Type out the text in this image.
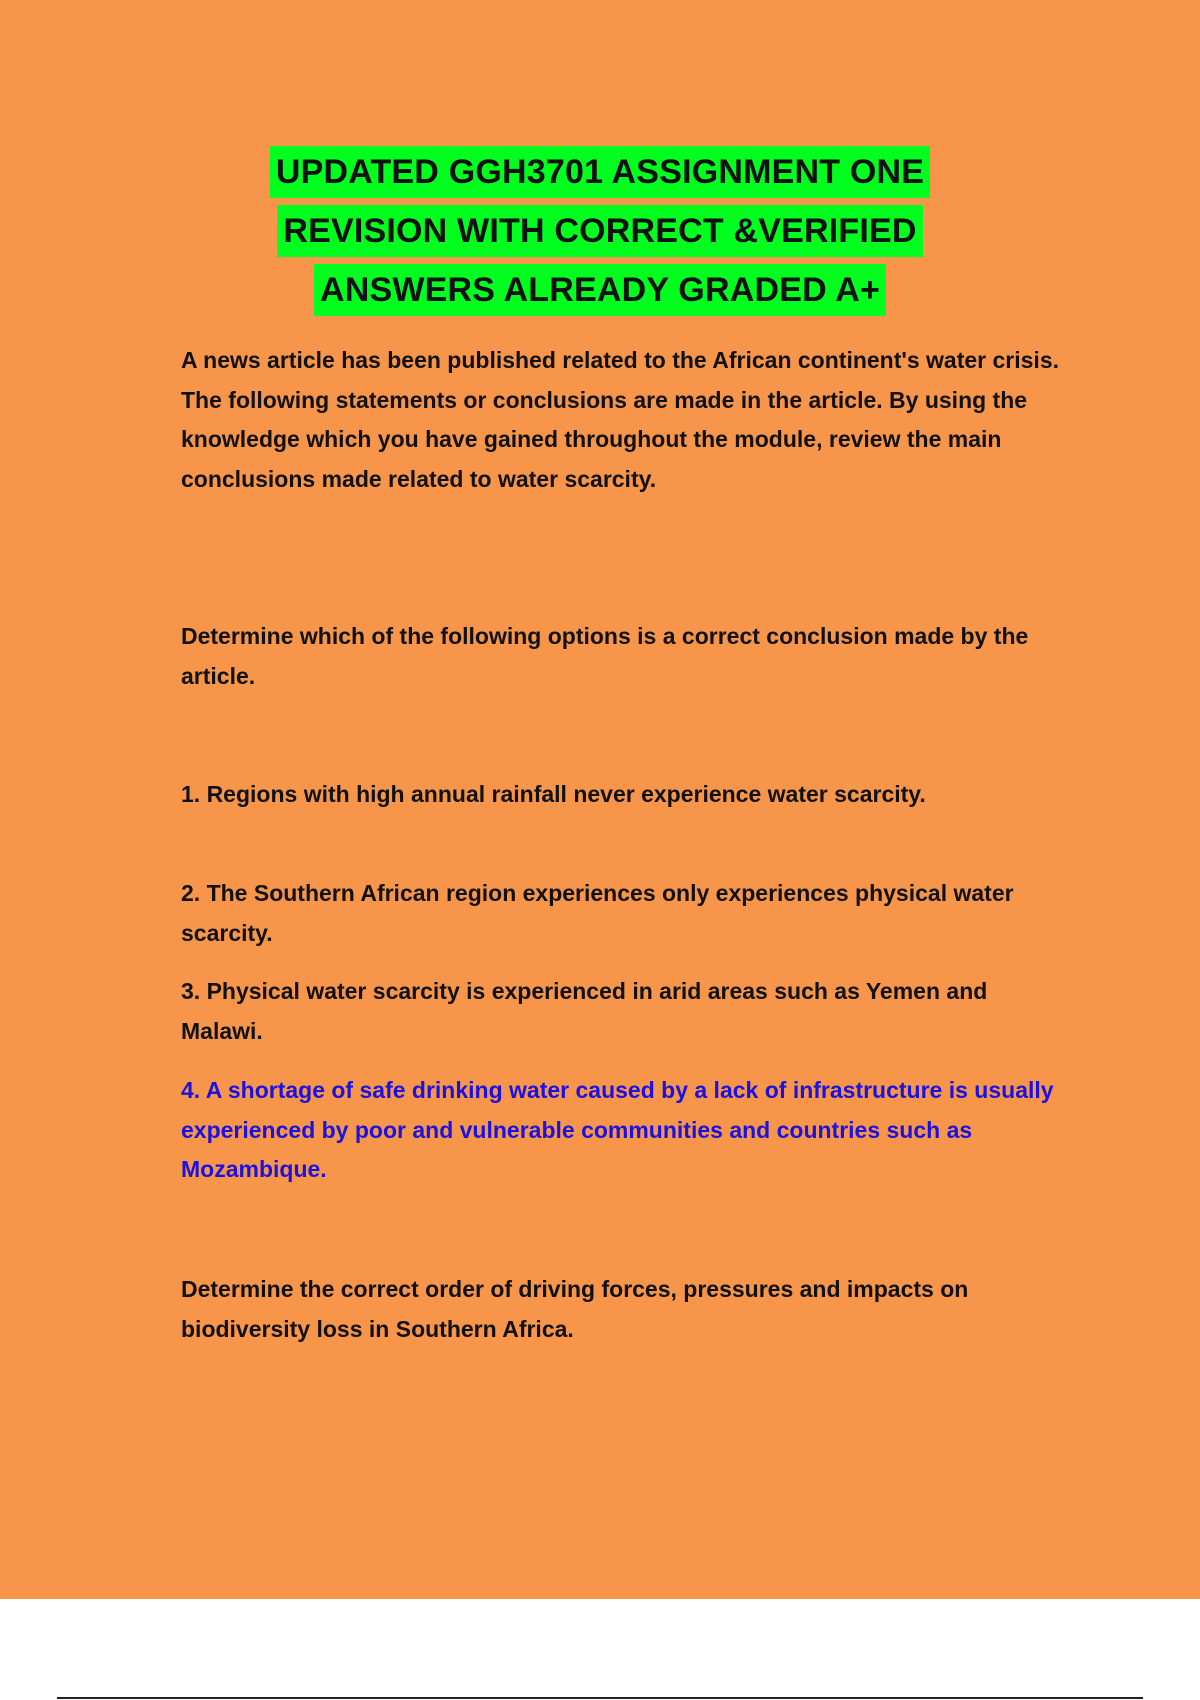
UPDATED GGH3701 ASSIGNMENT ONE
REVISION WITH CORRECT &VERIFIED
ANSWERS ALREADY GRADED A+

A news article has been published related to the African continent's water crisis. The following statements or conclusions are made in the article. By using the knowledge which you have gained throughout the module, review the main conclusions made related to water scarcity.

Determine which of the following options is a correct conclusion made by the article.

1. Regions with high annual rainfall never experience water scarcity.

2. The Southern African region experiences only experiences physical water scarcity.

3. Physical water scarcity is experienced in arid areas such as Yemen and Malawi.

4. A shortage of safe drinking water caused by a lack of infrastructure is usually experienced by poor and vulnerable communities and countries such as Mozambique.

Determine the correct order of driving forces, pressures and impacts on biodiversity loss in Southern Africa.
